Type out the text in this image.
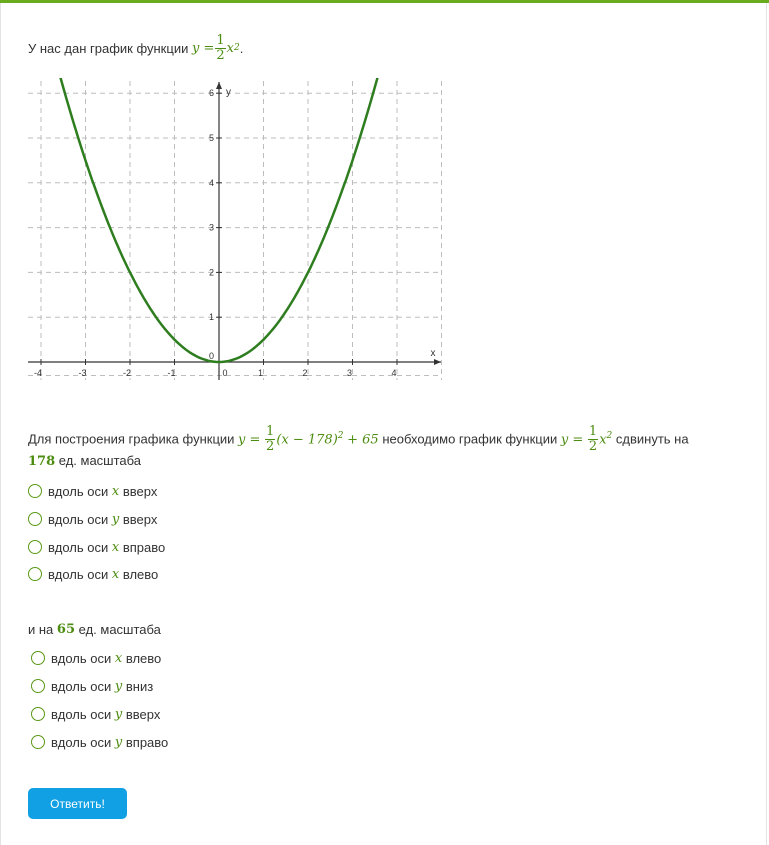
У нас дан график функции
$y = \frac{1}{2}$ x 2 .
-4	-3	-2	-1	0	1	2	3	4
1
2
3
4
5
6
0	x
y
Для построения графика функции $y = \frac{1}{2} (x - 178)^2 + 65$ необходимо график функции $y = \frac{1}{2} x^2$ сдвинуть на
178 ед. масштаба
вдоль оси
x
вверх
вдоль оси
y
вверх
вдоль оси
x
вправо
вдоль оси
x
влево
и на
65
ед. масштаба
вдоль оси
x
влево
вдоль оси
y
вниз
вдоль оси
y
вверх
вдоль оси
y
вправо
Ответить!
